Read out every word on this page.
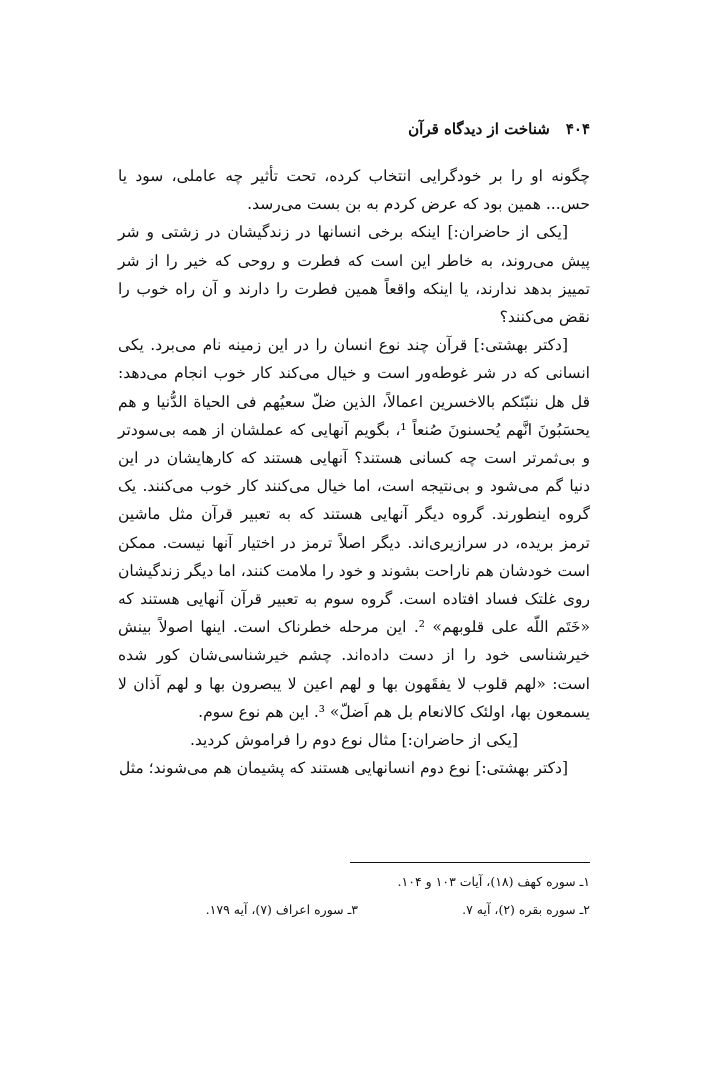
۴۰۴شناخت از دیدگاه قرآن

چگونه او را بر خودگرایی انتخاب کرده، تحت تأثیر چه عاملی، سود یا حس... همین بود که عرض کردم به بن بست می‌رسد.

[یکی از حاضران:] اینکه برخی انسانها در زندگیشان در زشتی و شر پیش می‌روند، به خاطر این است که فطرت و روحی که خیر را از شر تمییز بدهد ندارند، یا اینکه واقعاً همین فطرت را دارند و آن راه خوب را نقض می‌کنند؟

[دکتر بهشتی:] قرآن چند نوع انسان را در این زمینه نام می‌برد. یکی انسانی که در شر غوطه‌ور است و خیال می‌کند کار خوب انجام می‌دهد: قل هل ننبّئکم بالاخسرین اعمالاً، الذین ضلّ سعیُهم فی الحیاة الدُّنیا و هم یحسَبُونَ انَّهم یُحسنونَ صُنعاً ¹، بگویم آنهایی که عملشان از همه بی‌سودتر و بی‌ثمرتر است چه کسانی هستند؟ آنهایی هستند که کارهایشان در این دنیا گم می‌شود و بی‌نتیجه است، اما خیال می‌کنند کار خوب می‌کنند. یک گروه اینطورند. گروه دیگر آنهایی هستند که به تعبیر قرآن مثل ماشین ترمز بریده، در سرازیری‌اند. دیگر اصلاً ترمز در اختیار آنها نیست. ممکن است خودشان هم ناراحت بشوند و خود را ملامت کنند، اما دیگر زندگیشان روی غلتک فساد افتاده است. گروه سوم به تعبیر قرآن آنهایی هستند که «خَتَم اللّه علی قلوبهم» ². این مرحله خطرناک است. اینها اصولاً بینش خیرشناسی خود را از دست داده‌اند. چشم خیرشناسی‌شان کور شده است: «لهم قلوب لا یفقَهون بها و لهم اعین لا یبصرون بها و لهم آذان لا یسمعون بها، اولئک کالانعام بل هم اَضلّ» ³. این هم نوع سوم.

[یکی از حاضران:] مثال نوع دوم را فراموش کردید.

[دکتر بهشتی:] نوع دوم انسانهایی هستند که پشیمان هم می‌شوند؛ مثل

۱ـ سوره کهف (۱۸)، آیات ۱۰۳ و ۱۰۴.
۲ـ سوره بقره (۲)، آیه ۷.
۳ـ سوره اعراف (۷)، آیه ۱۷۹.
